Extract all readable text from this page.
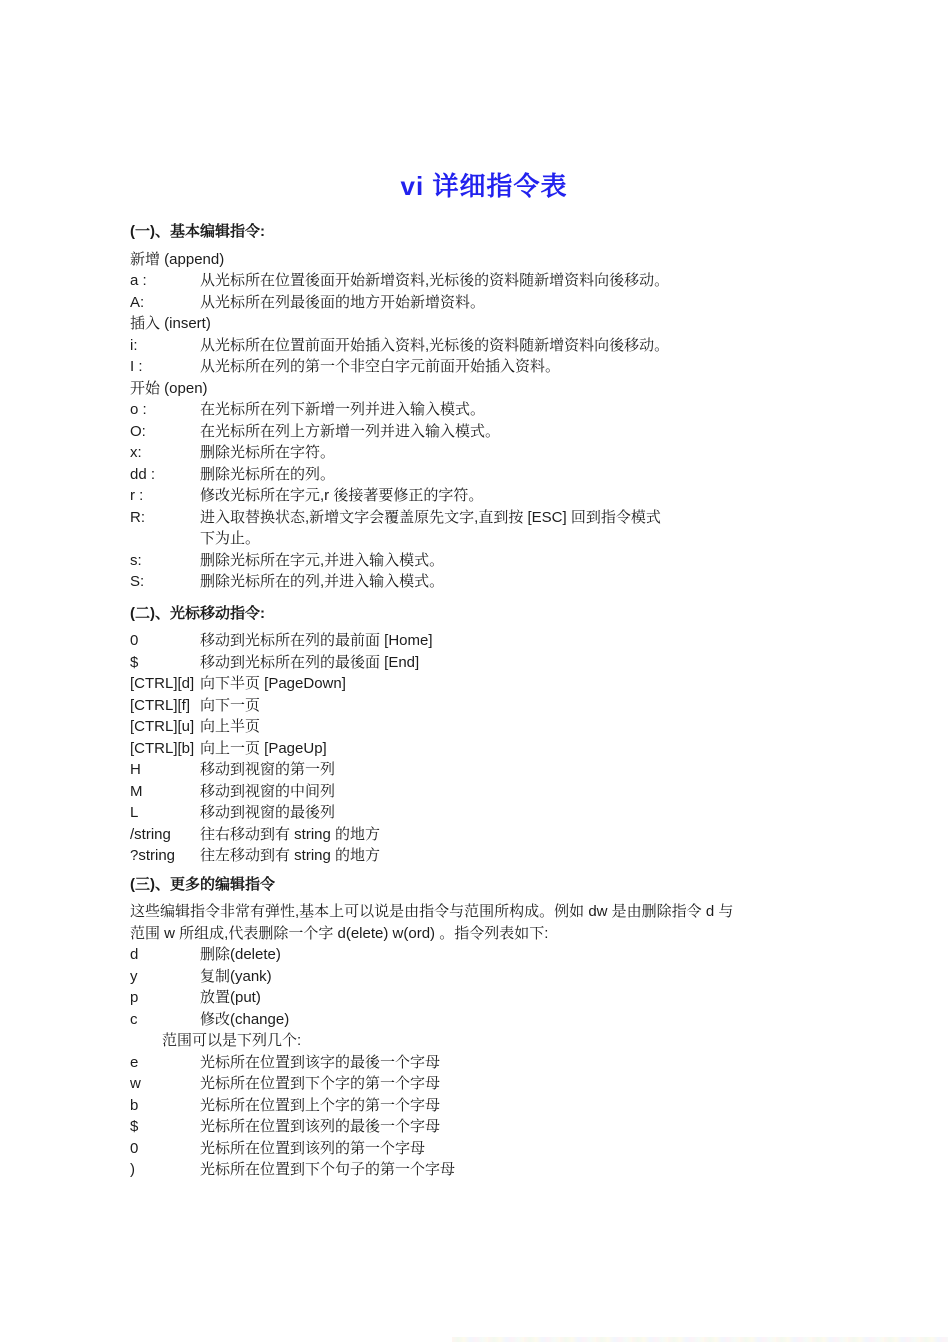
vi 详细指令表
(一)、基本编辑指令:
新增 (append)
a :	从光标所在位置後面开始新增资料,光标後的资料随新增资料向後移动。
A:	从光标所在列最後面的地方开始新增资料。
插入 (insert)
i:	从光标所在位置前面开始插入资料,光标後的资料随新增资料向後移动。
I :	从光标所在列的第一个非空白字元前面开始插入资料。
开始 (open)
o :	在光标所在列下新增一列并进入输入模式。
O:	在光标所在列上方新增一列并进入输入模式。
x:	删除光标所在字符。
dd :	删除光标所在的列。
r :	修改光标所在字元,r 後接著要修正的字符。
R:	进入取替换状态,新增文字会覆盖原先文字,直到按 [ESC] 回到指令模式
下为止。
s:	删除光标所在字元,并进入输入模式。
S:	删除光标所在的列,并进入输入模式。
(二)、光标移动指令:
0	移动到光标所在列的最前面 [Home]
$	移动到光标所在列的最後面 [End]
[CTRL][d] 向下半页 [PageDown]
[CTRL][f] 向下一页
[CTRL][u] 向上半页
[CTRL][b] 向上一页 [PageUp]
H	移动到视窗的第一列
M	移动到视窗的中间列
L	移动到视窗的最後列
/string	往右移动到有 string 的地方
?string	往左移动到有 string 的地方
(三)、更多的编辑指令
这些编辑指令非常有弹性,基本上可以说是由指令与范围所构成。例如 dw 是由删除指令 d 与
范围 w 所组成,代表删除一个字 d(elete) w(ord) 。指令列表如下:
d	删除(delete)
y	复制(yank)
p	放置(put)
c	修改(change)
范围可以是下列几个:
e	光标所在位置到该字的最後一个字母
w	光标所在位置到下个字的第一个字母
b	光标所在位置到上个字的第一个字母
$	光标所在位置到该列的最後一个字母
0	光标所在位置到该列的第一个字母
)	光标所在位置到下个句子的第一个字母
